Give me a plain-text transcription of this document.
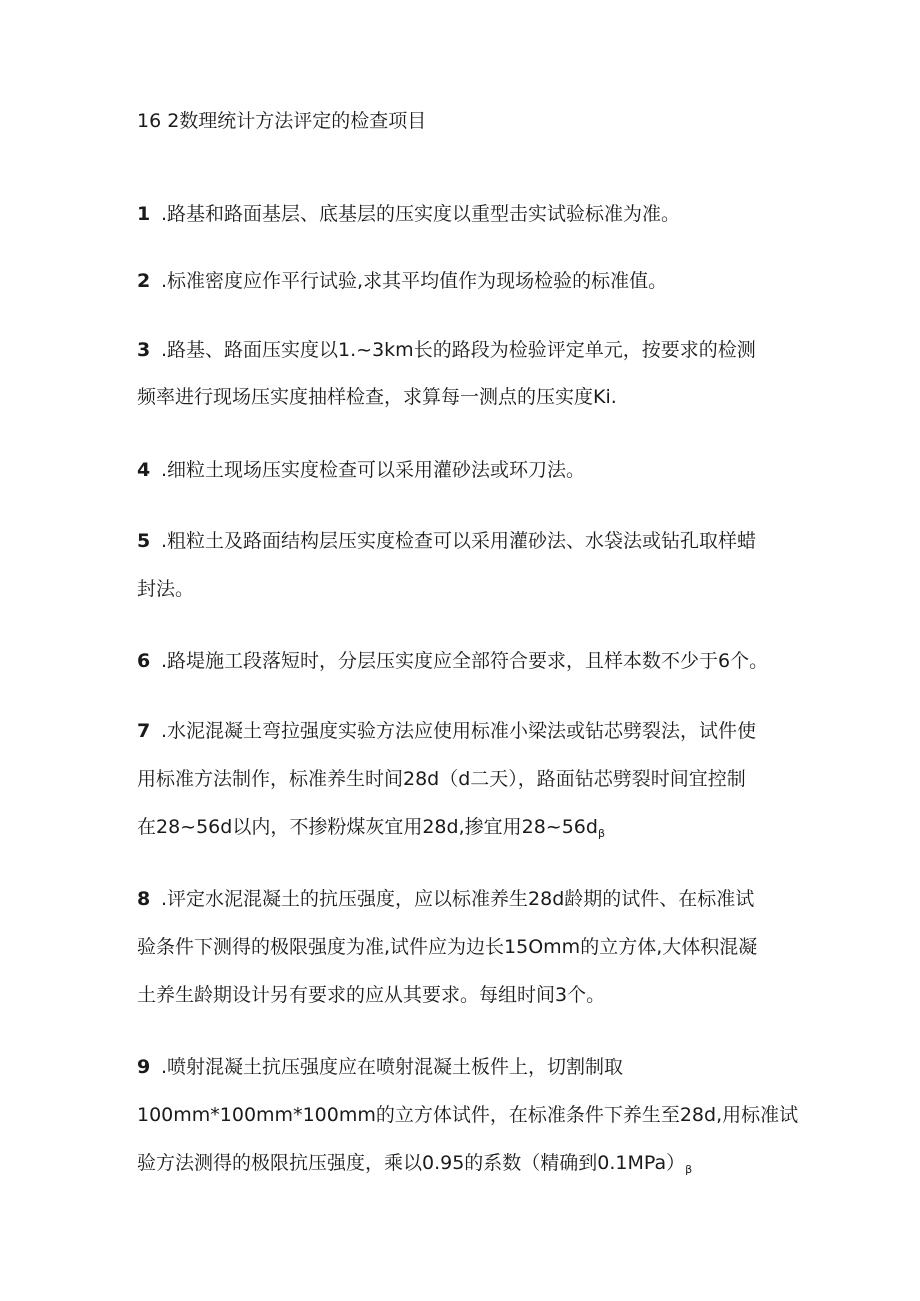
16 2数理统计方法评定的检查项目
1 .路基和路面基层、底基层的压实度以重型击实试验标准为准。
2 .标准密度应作平行试验,求其平均值作为现场检验的标准值。
3 .路基、路面压实度以1.~3km长的路段为检验评定单元，按要求的检测
频率进行现场压实度抽样检查，求算每一测点的压实度Ki.
4 .细粒土现场压实度检查可以采用灌砂法或环刀法。
5 .粗粒土及路面结构层压实度检查可以采用灌砂法、水袋法或钻孔取样蜡
封法。
6 .路堤施工段落短时，分层压实度应全部符合要求，且样本数不少于6个。
7 .水泥混凝土弯拉强度实验方法应使用标准小梁法或钻芯劈裂法，试件使
用标准方法制作，标准养生时间28d（d二天），路面钻芯劈裂时间宜控制
在28~56d以内，不掺粉煤灰宜用28d,掺宜用$28\sim 56d_\beta$
8 .评定水泥混凝土的抗压强度，应以标准养生28d龄期的试件、在标准试
验条件下测得的极限强度为准,试件应为边长15Omm的立方体,大体积混凝
土养生龄期设计另有要求的应从其要求。每组时间3个。
9 .喷射混凝土抗压强度应在喷射混凝土板件上，切割制取
100mm*100mm*100mm的立方体试件，在标准条件下养生至28d,用标准试
验方法测得的极限抗压强度，乘以0.95的系数（精确到$0.1MPa)_\beta$
